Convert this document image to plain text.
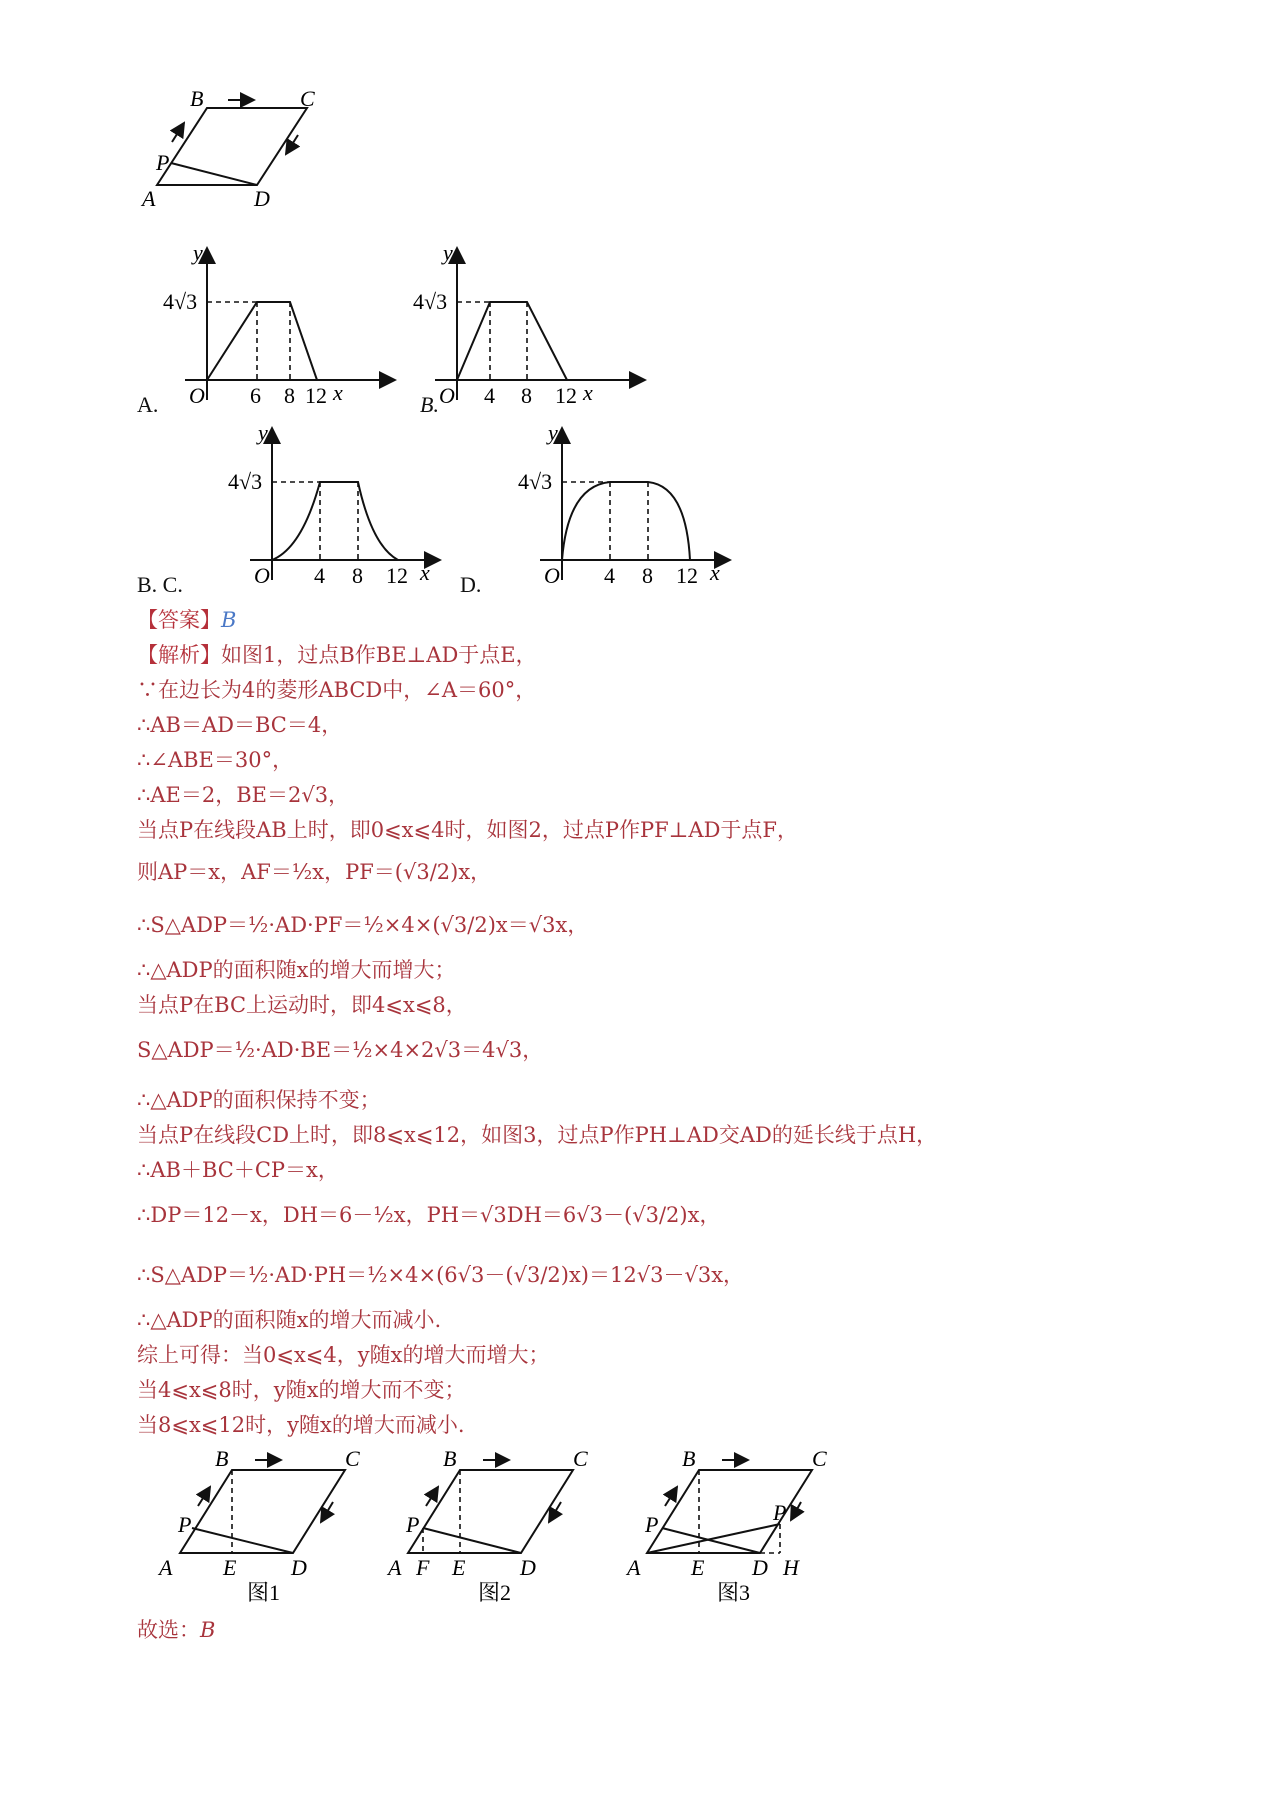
B	C
P
A	D
y
4√3
O 6 8 12 x
A.
y
4√3
O 4 8 12 x
B.
y
4√3
O 4 8 12 x
B. C.
y
4√3
O 4 8 12 x
D.
【答案】B
【解析】如图1，过点B作BE⊥AD于点E，
∵在边长为4的菱形ABCD中，∠A＝60°，
∴AB＝AD＝BC＝4，
∴∠ABE＝30°，
∴AE＝2，BE＝2√3，
当点P在线段AB上时，即0⩽x⩽4时，如图2，过点P作PF⊥AD于点F，
则AP＝x，AF＝½x，PF＝(√3/2)x，
∴S△ADP＝½·AD·PF＝½×4×(√3/2)x＝√3x，
∴△ADP的面积随x的增大而增大；
当点P在BC上运动时，即4⩽x⩽8，
S△ADP＝½·AD·BE＝½×4×2√3＝4√3，
∴△ADP的面积保持不变；
当点P在线段CD上时，即8⩽x⩽12，如图3，过点P作PH⊥AD交AD的延长线于点H，
∴AB＋BC＋CP＝x，
∴DP＝12－x，DH＝6－½x，PH＝√3DH＝6√3－(√3/2)x，
∴S△ADP＝½·AD·PH＝½×4×(6√3－(√3/2)x)＝12√3－√3x，
∴△ADP的面积随x的增大而减小.
综上可得：当0⩽x⩽4，y随x的增大而增大；
当4⩽x⩽8时，y随x的增大而不变；
当8⩽x⩽12时，y随x的增大而减小.
B	C
P
A E D
图1
B	C
P
A F E D
图2
B	C
P	P
A E D H
图3
故选：B
